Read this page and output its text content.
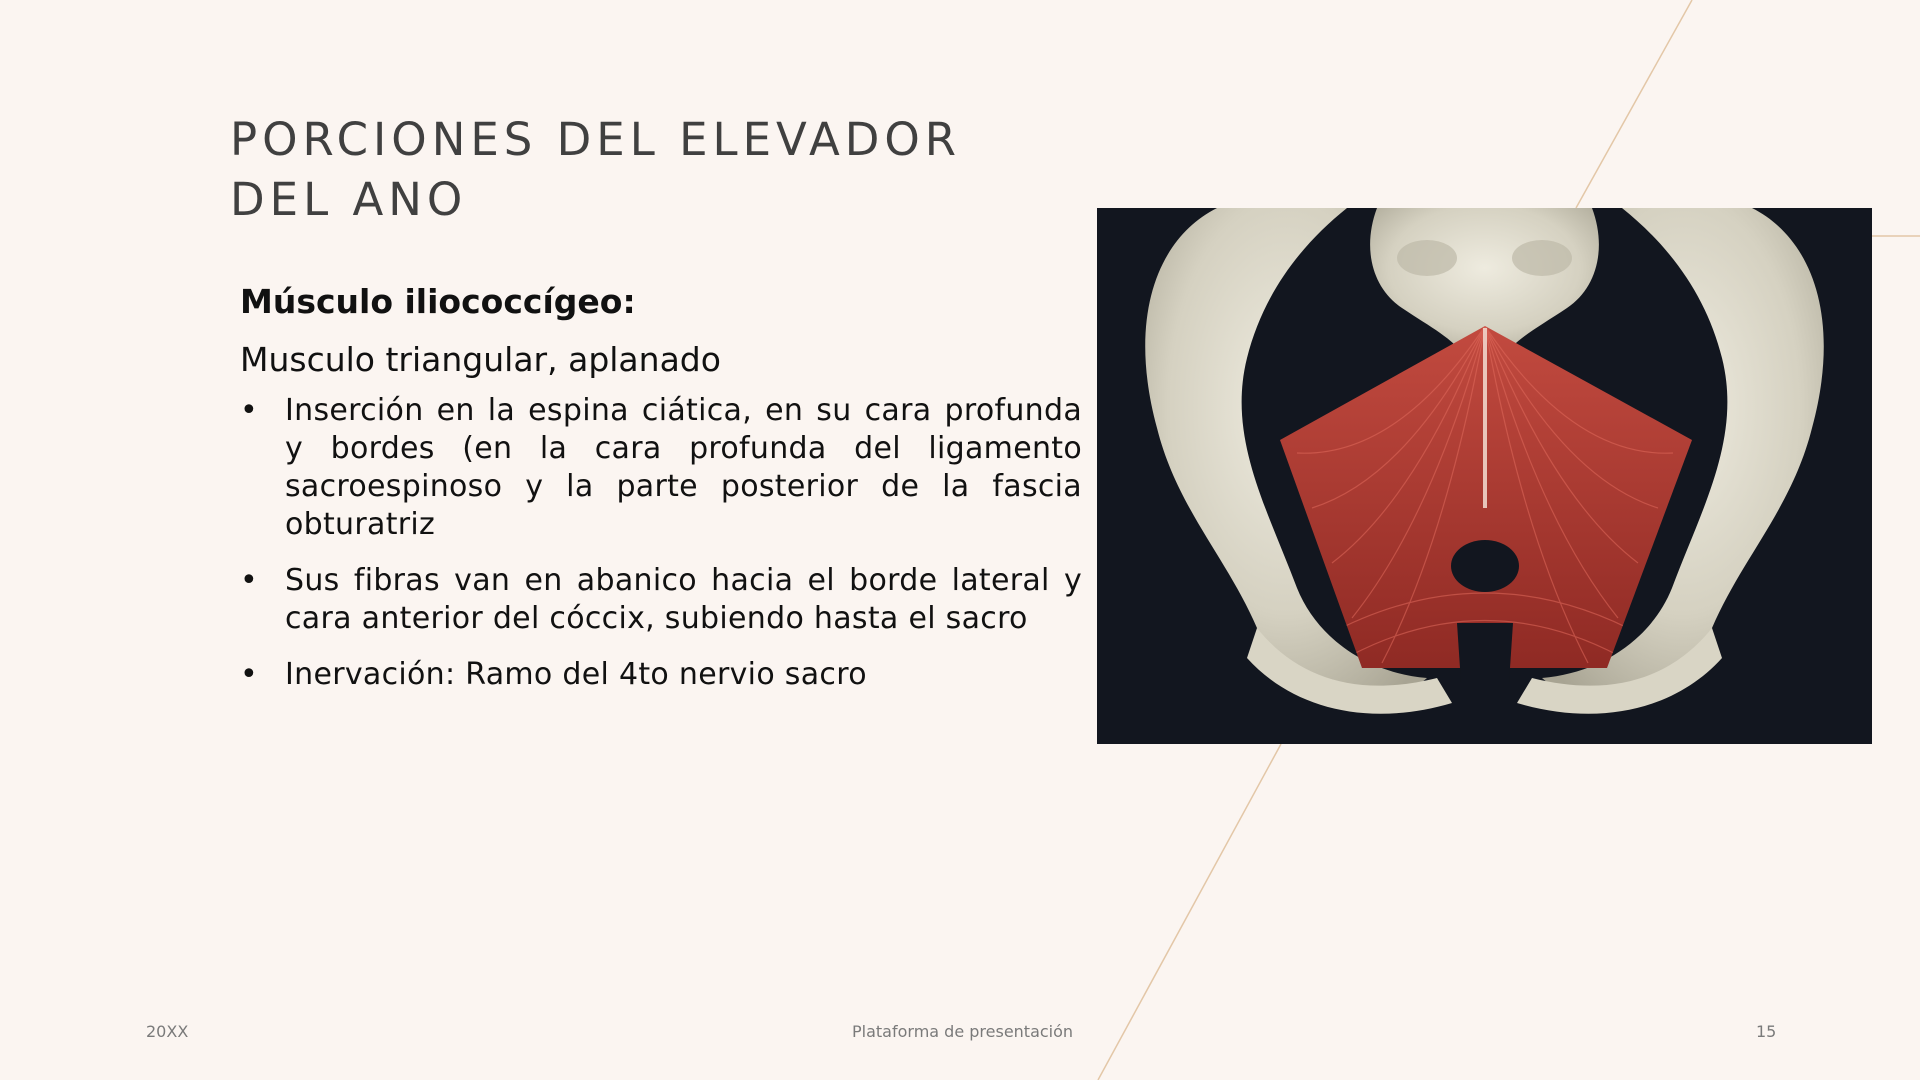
PORCIONES DEL ELEVADOR
DEL ANO
Músculo iliococcígeo:
Musculo triangular, aplanado
• Inserción en la espina ciática, en su cara profunda y bordes (en la cara profunda del ligamento sacroespinoso y la parte posterior de la fascia obturatriz
• Sus fibras van en abanico hacia el borde lateral y cara anterior del cóccix, subiendo hasta el sacro
• Inervación: Ramo del 4to nervio sacro
20XX	Plataforma de presentación	15
